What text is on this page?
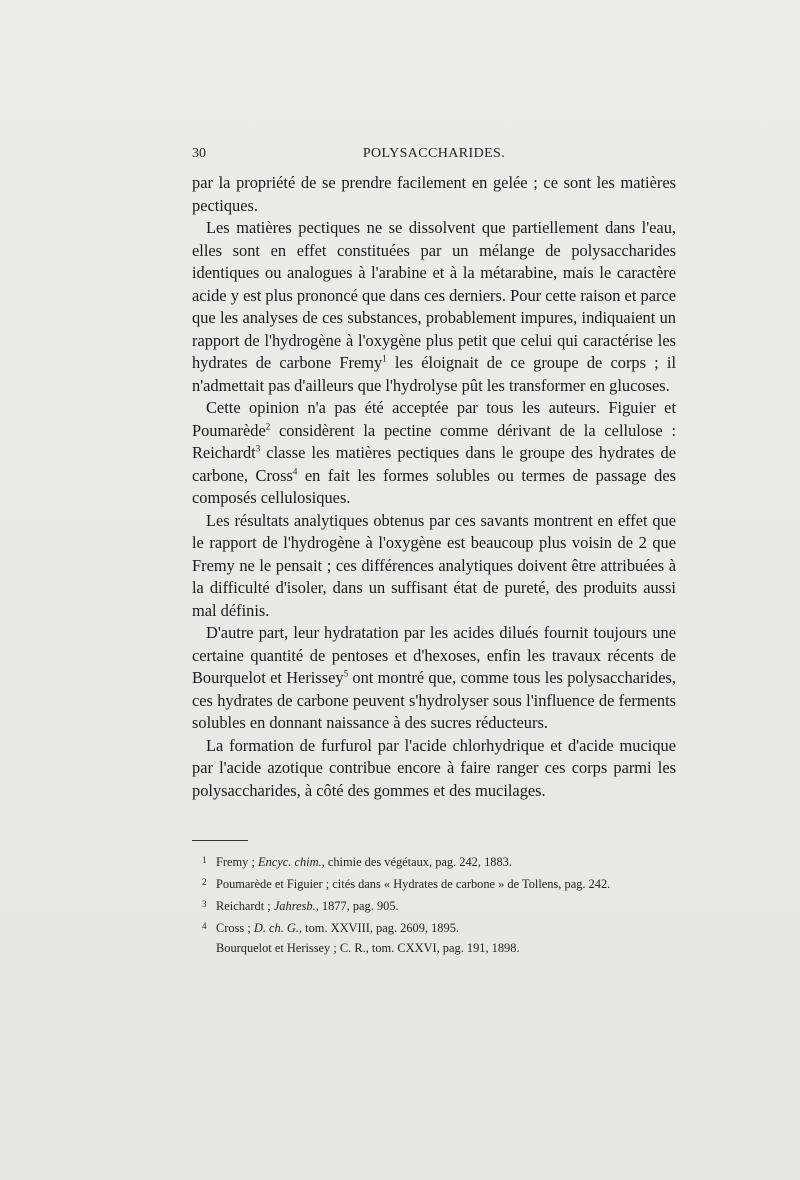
30	POLYSACCHARIDES.

par la propriété de se prendre facilement en gelée ; ce sont les matières pectiques.

Les matières pectiques ne se dissolvent que partiellement dans l'eau, elles sont en effet constituées par un mélange de polysaccharides identiques ou analogues à l'arabine et à la métarabine, mais le caractère acide y est plus prononcé que dans ces derniers. Pour cette raison et parce que les analyses de ces substances, probablement impures, indiquaient un rapport de l'hydrogène à l'oxygène plus petit que celui qui caractérise les hydrates de carbone Fremy$^1$ les éloignait de ce groupe de corps ; il n'admettait pas d'ailleurs que l'hydrolyse pût les transformer en glucoses.

Cette opinion n'a pas été acceptée par tous les auteurs. Figuier et Poumarède$^2$ considèrent la pectine comme dérivant de la cellulose : Reichardt$^3$ classe les matières pectiques dans le groupe des hydrates de carbone, Cross$^4$ en fait les formes solubles ou termes de passage des composés cellulosiques.

Les résultats analytiques obtenus par ces savants montrent en effet que le rapport de l'hydrogène à l'oxygène est beaucoup plus voisin de 2 que Fremy ne le pensait ; ces différences analytiques doivent être attribuées à la difficulté d'isoler, dans un suffisant état de pureté, des produits aussi mal définis.

D'autre part, leur hydratation par les acides dilués fournit toujours une certaine quantité de pentoses et d'hexoses, enfin les travaux récents de Bourquelot et Herissey$^5$ ont montré que, comme tous les polysaccharides, ces hydrates de carbone peuvent s'hydrolyser sous l'influence de ferments solubles en donnant naissance à des sucres réducteurs.

La formation de furfurol par l'acide chlorhydrique et d'acide mucique par l'acide azotique contribue encore à faire ranger ces corps parmi les polysaccharides, à côté des gommes et des mucilages.

1 Fremy ; Encyc. chim., chimie des végétaux, pag. 242, 1883.
2 Poumarède et Figuier ; cités dans « Hydrates de carbone » de Tollens, pag. 242.
3 Reichardt ; Jahresb., 1877, pag. 905.
4 Cross ; D. ch. G., tom. XXVIII, pag. 2609, 1895.
Bourquelot et Herissey ; C. R., tom. CXXVI, pag. 191, 1898.
